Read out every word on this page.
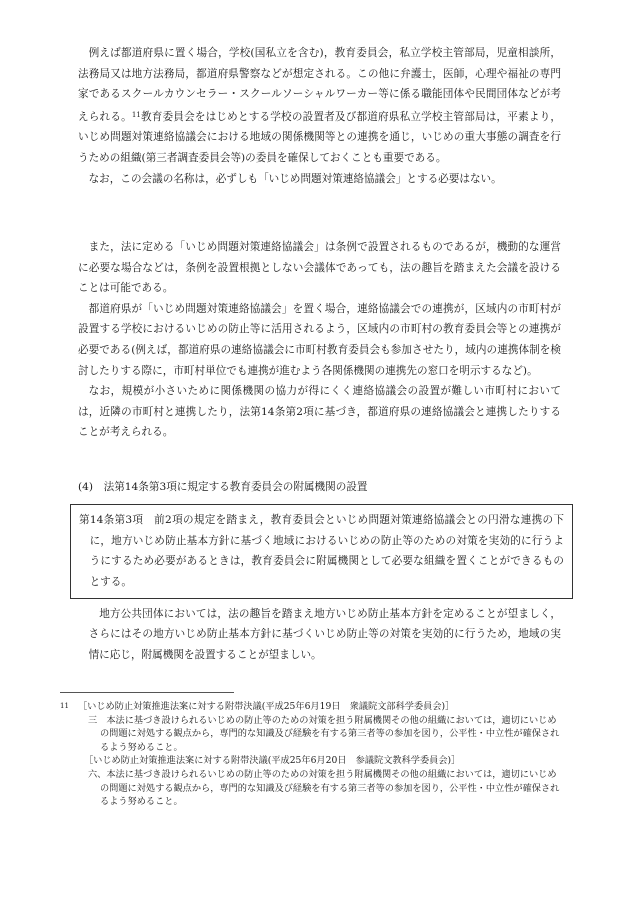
例えば都道府県に置く場合，学校(国私立を含む)，教育委員会，私立学校主管部局，児童相談所，法務局又は地方法務局，都道府県警察などが想定される。この他に弁護士，医師，心理や福祉の専門家であるスクールカウンセラー・スクールソーシャルワーカー等に係る職能団体や民間団体などが考えられる。$^{11}$教育委員会をはじめとする学校の設置者及び都道府県私立学校主管部局は，平素より，いじめ問題対策連絡協議会における地域の関係機関等との連携を通じ，いじめの重大事態の調査を行うための組織(第三者調査委員会等)の委員を確保しておくことも重要である。

なお，この会議の名称は，必ずしも「いじめ問題対策連絡協議会」とする必要はない。

また，法に定める「いじめ問題対策連絡協議会」は条例で設置されるものであるが，機動的な運営に必要な場合などは，条例を設置根拠としない会議体であっても，法の趣旨を踏まえた会議を設けることは可能である。

都道府県が「いじめ問題対策連絡協議会」を置く場合，連絡協議会での連携が，区域内の市町村が設置する学校におけるいじめの防止等に活用されるよう，区域内の市町村の教育委員会等との連携が必要である(例えば，都道府県の連絡協議会に市町村教育委員会も参加させたり，域内の連携体制を検討したりする際に，市町村単位でも連携が進むよう各関係機関の連携先の窓口を明示するなど)。

なお，規模が小さいために関係機関の協力が得にくく連絡協議会の設置が難しい市町村においては，近隣の市町村と連携したり，法第14条第2項に基づき，都道府県の連絡協議会と連携したりすることが考えられる。

(4)　法第14条第3項に規定する教育委員会の附属機関の設置
第14条第3項　前2項の規定を踏まえ，教育委員会といじめ問題対策連絡協議会との円滑な連携の下に，地方いじめ防止基本方針に基づく地域におけるいじめの防止等のための対策を実効的に行うようにするため必要があるときは，教育委員会に附属機関として必要な組織を置くことができるものとする。

地方公共団体においては，法の趣旨を踏まえ地方いじめ防止基本方針を定めることが望ましく，さらにはその地方いじめ防止基本方針に基づくいじめ防止等の対策を実効的に行うため，地域の実情に応じ，附属機関を設置することが望ましい。

11 ［いじめ防止対策推進法案に対する附帯決議(平成25年6月19日　衆議院文部科学委員会)］
三　本法に基づき設けられるいじめの防止等のための対策を担う附属機関その他の組織においては，適切にいじめの問題に対処する観点から，専門的な知識及び経験を有する第三者等の参加を図り，公平性・中立性が確保されるよう努めること。
［いじめ防止対策推進法案に対する附帯決議(平成25年6月20日　参議院文教科学委員会)］
六、本法に基づき設けられるいじめの防止等のための対策を担う附属機関その他の組織においては，適切にいじめの問題に対処する観点から，専門的な知識及び経験を有する第三者等の参加を図り，公平性・中立性が確保されるよう努めること。
